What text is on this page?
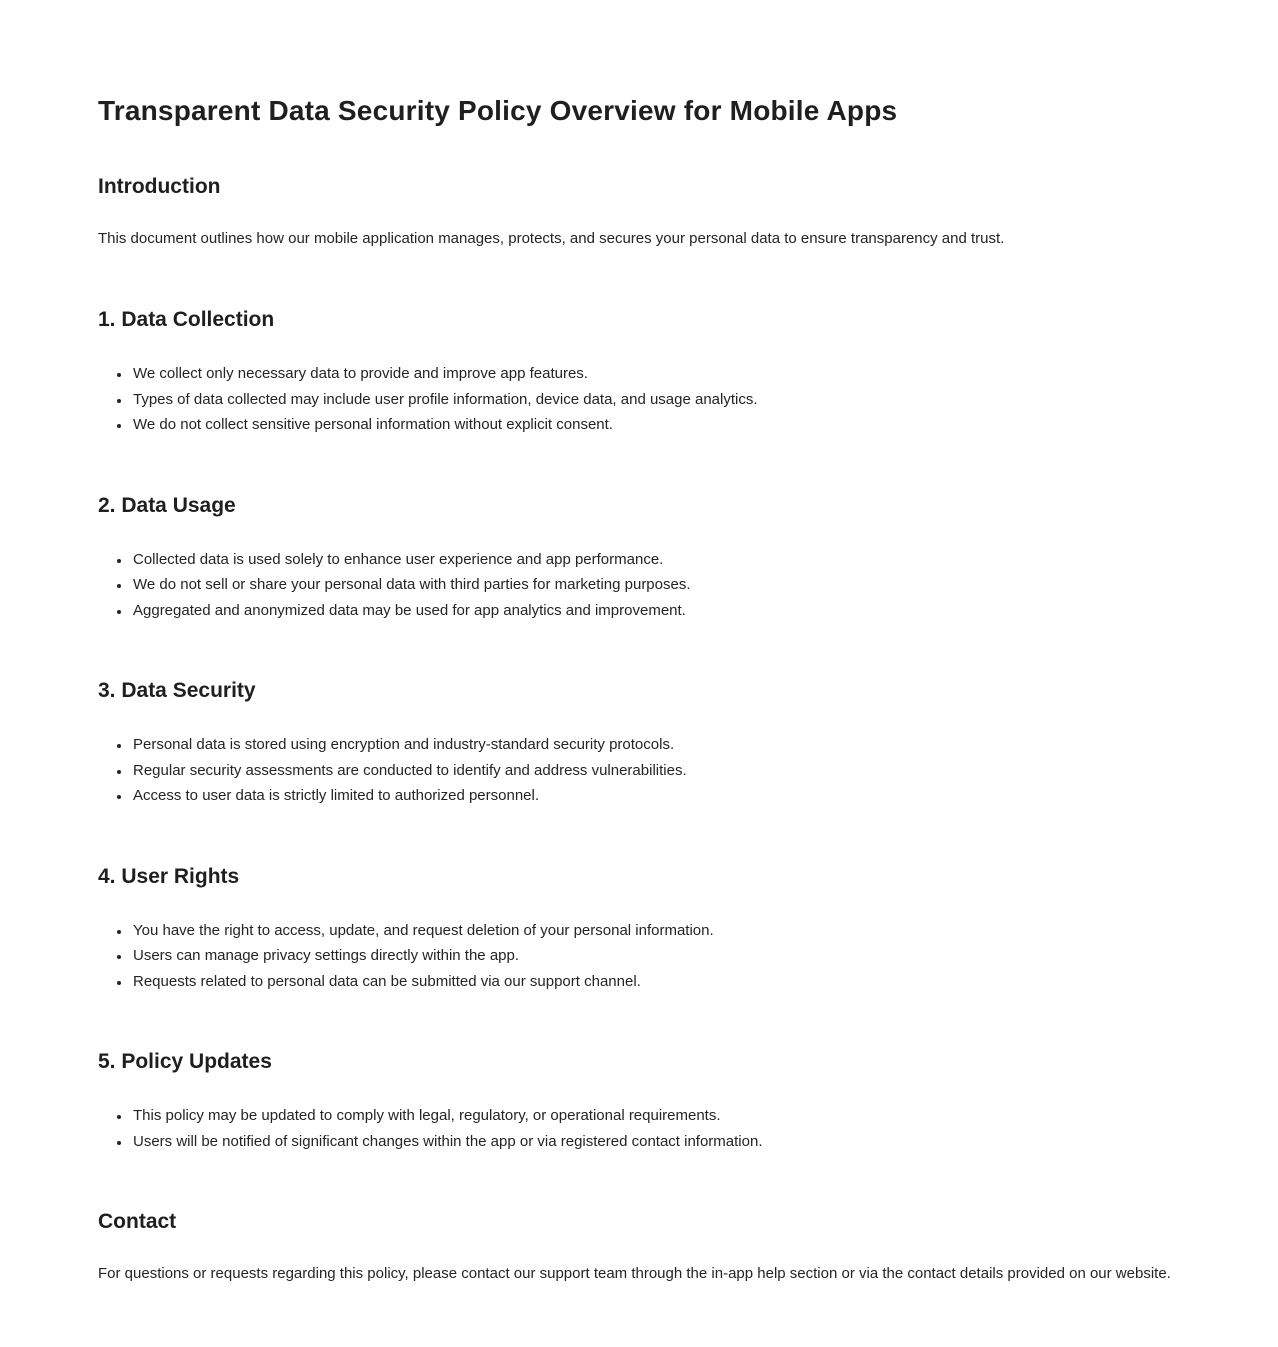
Transparent Data Security Policy Overview for Mobile Apps
Introduction

This document outlines how our mobile application manages, protects, and secures your personal data to ensure transparency and trust.

1. Data Collection
• We collect only necessary data to provide and improve app features.
• Types of data collected may include user profile information, device data, and usage analytics.
• We do not collect sensitive personal information without explicit consent.
2. Data Usage
• Collected data is used solely to enhance user experience and app performance.
• We do not sell or share your personal data with third parties for marketing purposes.
• Aggregated and anonymized data may be used for app analytics and improvement.
3. Data Security
• Personal data is stored using encryption and industry-standard security protocols.
• Regular security assessments are conducted to identify and address vulnerabilities.
• Access to user data is strictly limited to authorized personnel.
4. User Rights
• You have the right to access, update, and request deletion of your personal information.
• Users can manage privacy settings directly within the app.
• Requests related to personal data can be submitted via our support channel.
5. Policy Updates
• This policy may be updated to comply with legal, regulatory, or operational requirements.
• Users will be notified of significant changes within the app or via registered contact information.
Contact

For questions or requests regarding this policy, please contact our support team through the in-app help section or via the contact details provided on our website.
